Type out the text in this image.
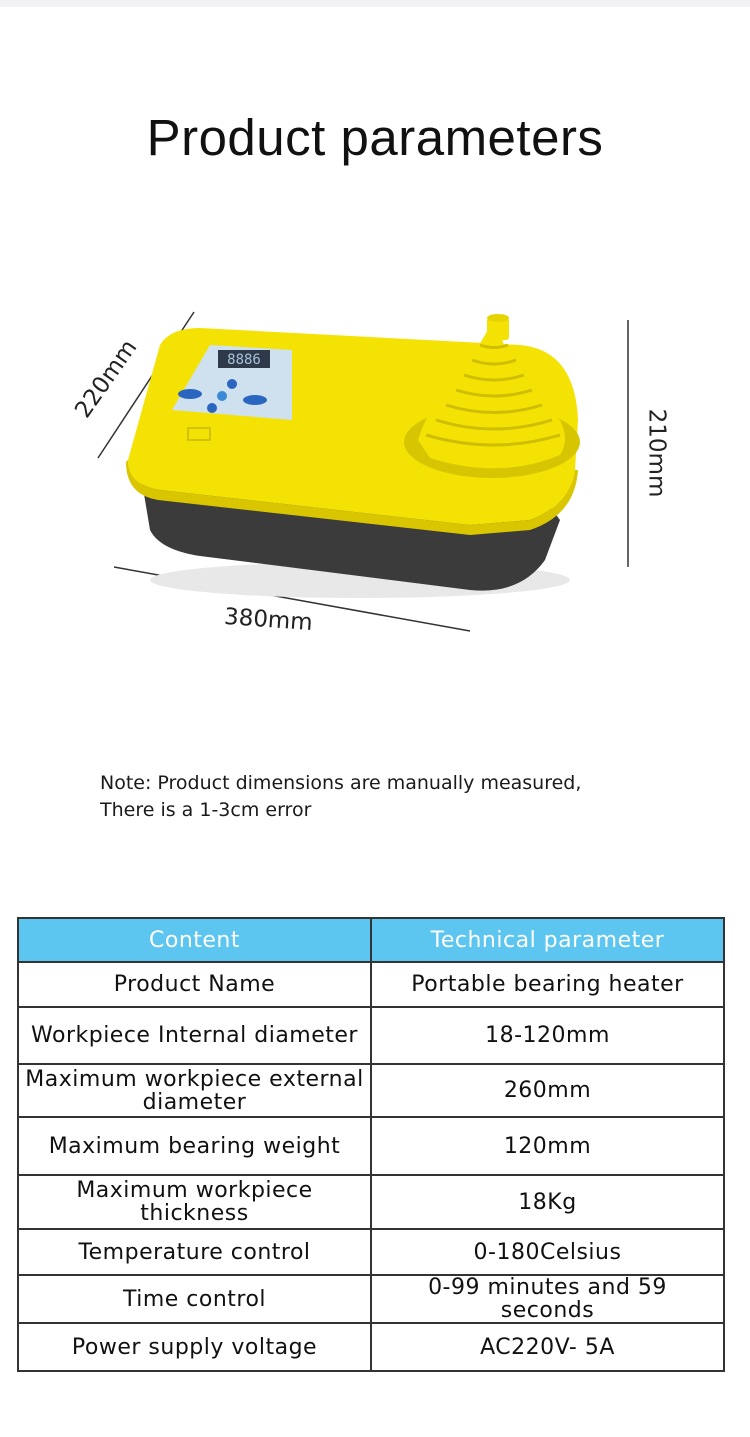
Product parameters
8886
380mm
220mm
210mm
Note: Product dimensions are manually measured,
There is a 1-3cm error
Content	Technical parameter
Product Name	Portable bearing heater
Workpiece Internal diameter	18-120mm
Maximum workpiece external diameter	260mm
Maximum bearing weight	120mm
Maximum workpiece thickness	18Kg
Temperature control	0-180Celsius
Time control	0-99 minutes and 59 seconds
Power supply voltage	AC220V- 5A
